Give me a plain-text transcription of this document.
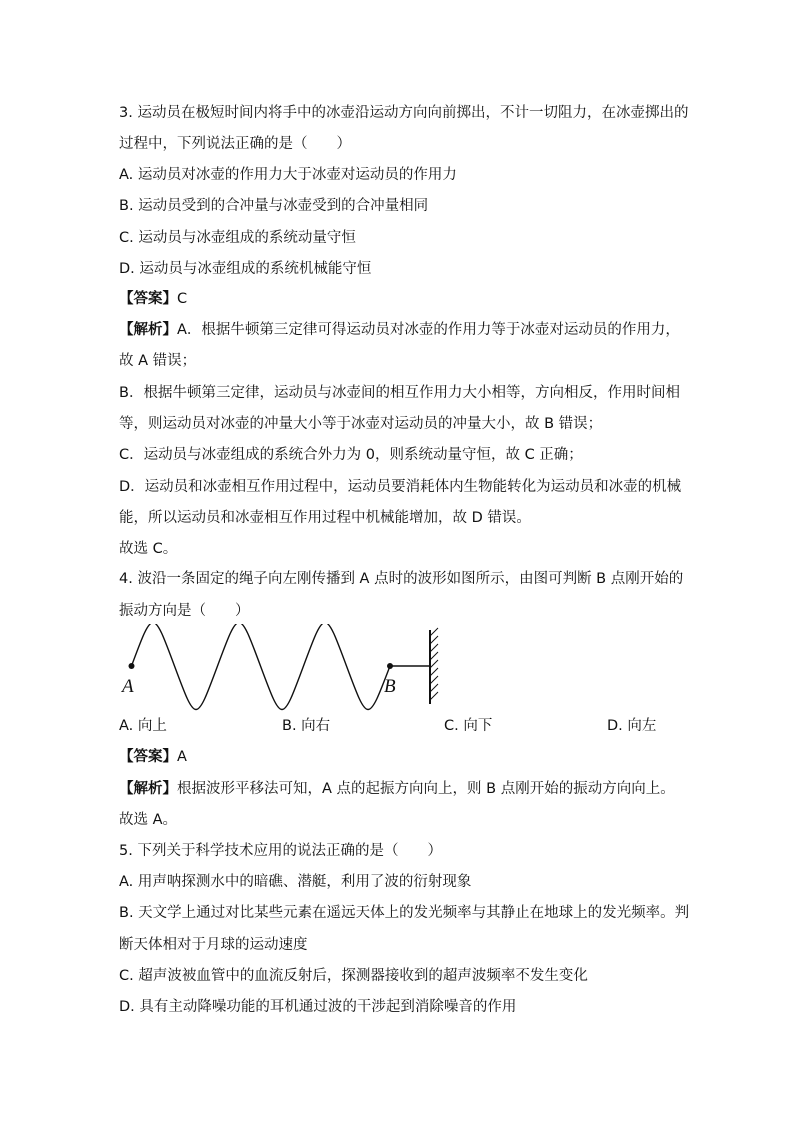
3. 运动员在极短时间内将手中的冰壶沿运动方向向前掷出，不计一切阻力，在冰壶掷出的
过程中，下列说法正确的是（　　）
A. 运动员对冰壶的作用力大于冰壶对运动员的作用力
B. 运动员受到的合冲量与冰壶受到的合冲量相同
C. 运动员与冰壶组成的系统动量守恒
D. 运动员与冰壶组成的系统机械能守恒
【答案】C
【解析】A．根据牛顿第三定律可得运动员对冰壶的作用力等于冰壶对运动员的作用力，
故 A 错误；
B．根据牛顿第三定律，运动员与冰壶间的相互作用力大小相等，方向相反，作用时间相
等，则运动员对冰壶的冲量大小等于冰壶对运动员的冲量大小，故 B 错误；
C．运动员与冰壶组成的系统合外力为 0，则系统动量守恒，故 C 正确；
D．运动员和冰壶相互作用过程中，运动员要消耗体内生物能转化为运动员和冰壶的机械
能，所以运动员和冰壶相互作用过程中机械能增加，故 D 错误。
故选 C。
4. 波沿一条固定的绳子向左刚传播到 A 点时的波形如图所示，由图可判断 B 点刚开始的
振动方向是（　　）
A	B
A. 向上	B. 向右	C. 向下	D. 向左
【答案】A
【解析】根据波形平移法可知，A 点的起振方向向上，则 B 点刚开始的振动方向向上。
故选 A。
5. 下列关于科学技术应用的说法正确的是（　　）
A. 用声呐探测水中的暗礁、潜艇，利用了波的衍射现象
B. 天文学上通过对比某些元素在遥远天体上的发光频率与其静止在地球上的发光频率。判
断天体相对于月球的运动速度
C. 超声波被血管中的血流反射后，探测器接收到的超声波频率不发生变化
D. 具有主动降噪功能的耳机通过波的干涉起到消除噪音的作用
